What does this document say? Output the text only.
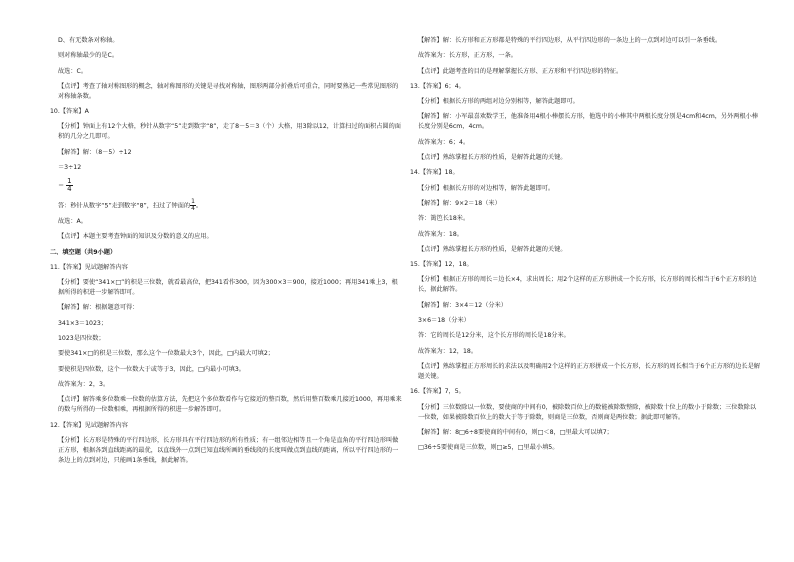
D、有无数条对称轴。

则对称轴最少的是C。

故选：C。

【点评】考查了轴对称图形的概念，轴对称图形的关键是寻找对称轴，图形两部分折叠后可重合，同时要熟记一些常见图形的对称轴条数。

10.【答案】A

【分析】钟面上有12个大格，秒针从数字“5”走到数字“8”，走了8－5＝3（个）大格，用3除以12，计算扫过的面积占圆的面积的几分之几即可。

【解答】解：（8－5）÷12

＝3÷12

＝ $\frac{1}{4}$

答：秒针从数字“5”走到数字“8”，扫过了钟面的 $\frac{1}{4}$ 。

故选：A。

【点评】本题主要考查钟面的知识及分数的意义的应用。

二、填空题（共9小题）

11.【答案】见试题解答内容

【分析】要使“341×□”的积是三位数，就看最高位，把341看作300，因为300×3＝900，接近1000；再用341乘上3，根据所得的积进一步解答即可。

【解答】解：根据题意可得：

341×3＝1023；

1023是四位数；

要使341×□的积是三位数，那么这个一位数最大3个，因此，□内最大可填2；

要使积是四位数，这个一位数大于或等于3，因此，□内最小可填3。

故答案为：2，3。

【点评】解答乘多位数乘一位数的估算方法，先把这个多位数看作与它接近的整百数，然后用整百数乘几接近1000，再用乘来的数与所得的一位数相乘，再根据所得的积进一步解答即可。

12.【答案】见试题解答内容

【分析】长方形是特殊的平行四边形，长方形具有平行四边形的所有性质；有一组邻边相等且一个角是直角的平行四边形叫做正方形，根据各到直线距离的最优，以直线外一点到已知直线所画的垂线段的长度叫做点到直线的距离，所以平行四边形的一条边上的点到对边，只能画1条垂线，据此解答。

【解答】解：长方形和正方形都是特殊的平行四边形，从平行四边形的一条边上的一点到对边可以引一条垂线。

故答案为：长方形，正方形，一条。

【点评】此题考查的目的是理解掌握长方形、正方形和平行四边形的特征。

13.【答案】6；4。

【分析】根据长方形的两组对边分别相等，解答此题即可。

【解答】解：小军最喜欢数学王，他准备用4根小棒摆长方形，他选中的小棒其中两根长度分别是4cm和4cm，另外两根小棒长度分别是6cm，4cm。

故答案为：6；4。

【点评】熟练掌握长方形的性质，是解答此题的关键。

14.【答案】18。

【分析】根据长方形的对边相等，解答此题即可。

【解答】解：9×2＝18（米）

答：篱笆长18米。

故答案为：18。

【点评】熟练掌握长方形的性质，是解答此题的关键。

15.【答案】12，18。

【分析】根据正方形的周长＝边长×4，求出周长；用2个这样的正方形拼成一个长方形，长方形的周长相当于6个正方形的边长，据此解答。

【解答】解：3×4＝12（分米）

3×6＝18（分米）

答：它的周长是12分米，这个长方形的周长是18分米。

故答案为：12，18。

【点评】熟练掌握正方形周长的求法以及明确用2个这样的正方形拼成一个长方形，长方形的周长相当于6个正方形的边长是解题关键。

16.【答案】7，5。

【分析】三位数除以一位数，要使商的中间有0，被除数百位上的数能被除数整除，被除数十位上的数小于除数；三位数除以一位数，如果被除数百位上的数大于等于除数，则商是三位数，否则商是两位数；据此即可解答。

【解答】解：8□6÷8要使商的中间有0，则□＜8，□里最大可以填7；

□36÷5要使商是三位数，则□≥5，□里最小填5。
